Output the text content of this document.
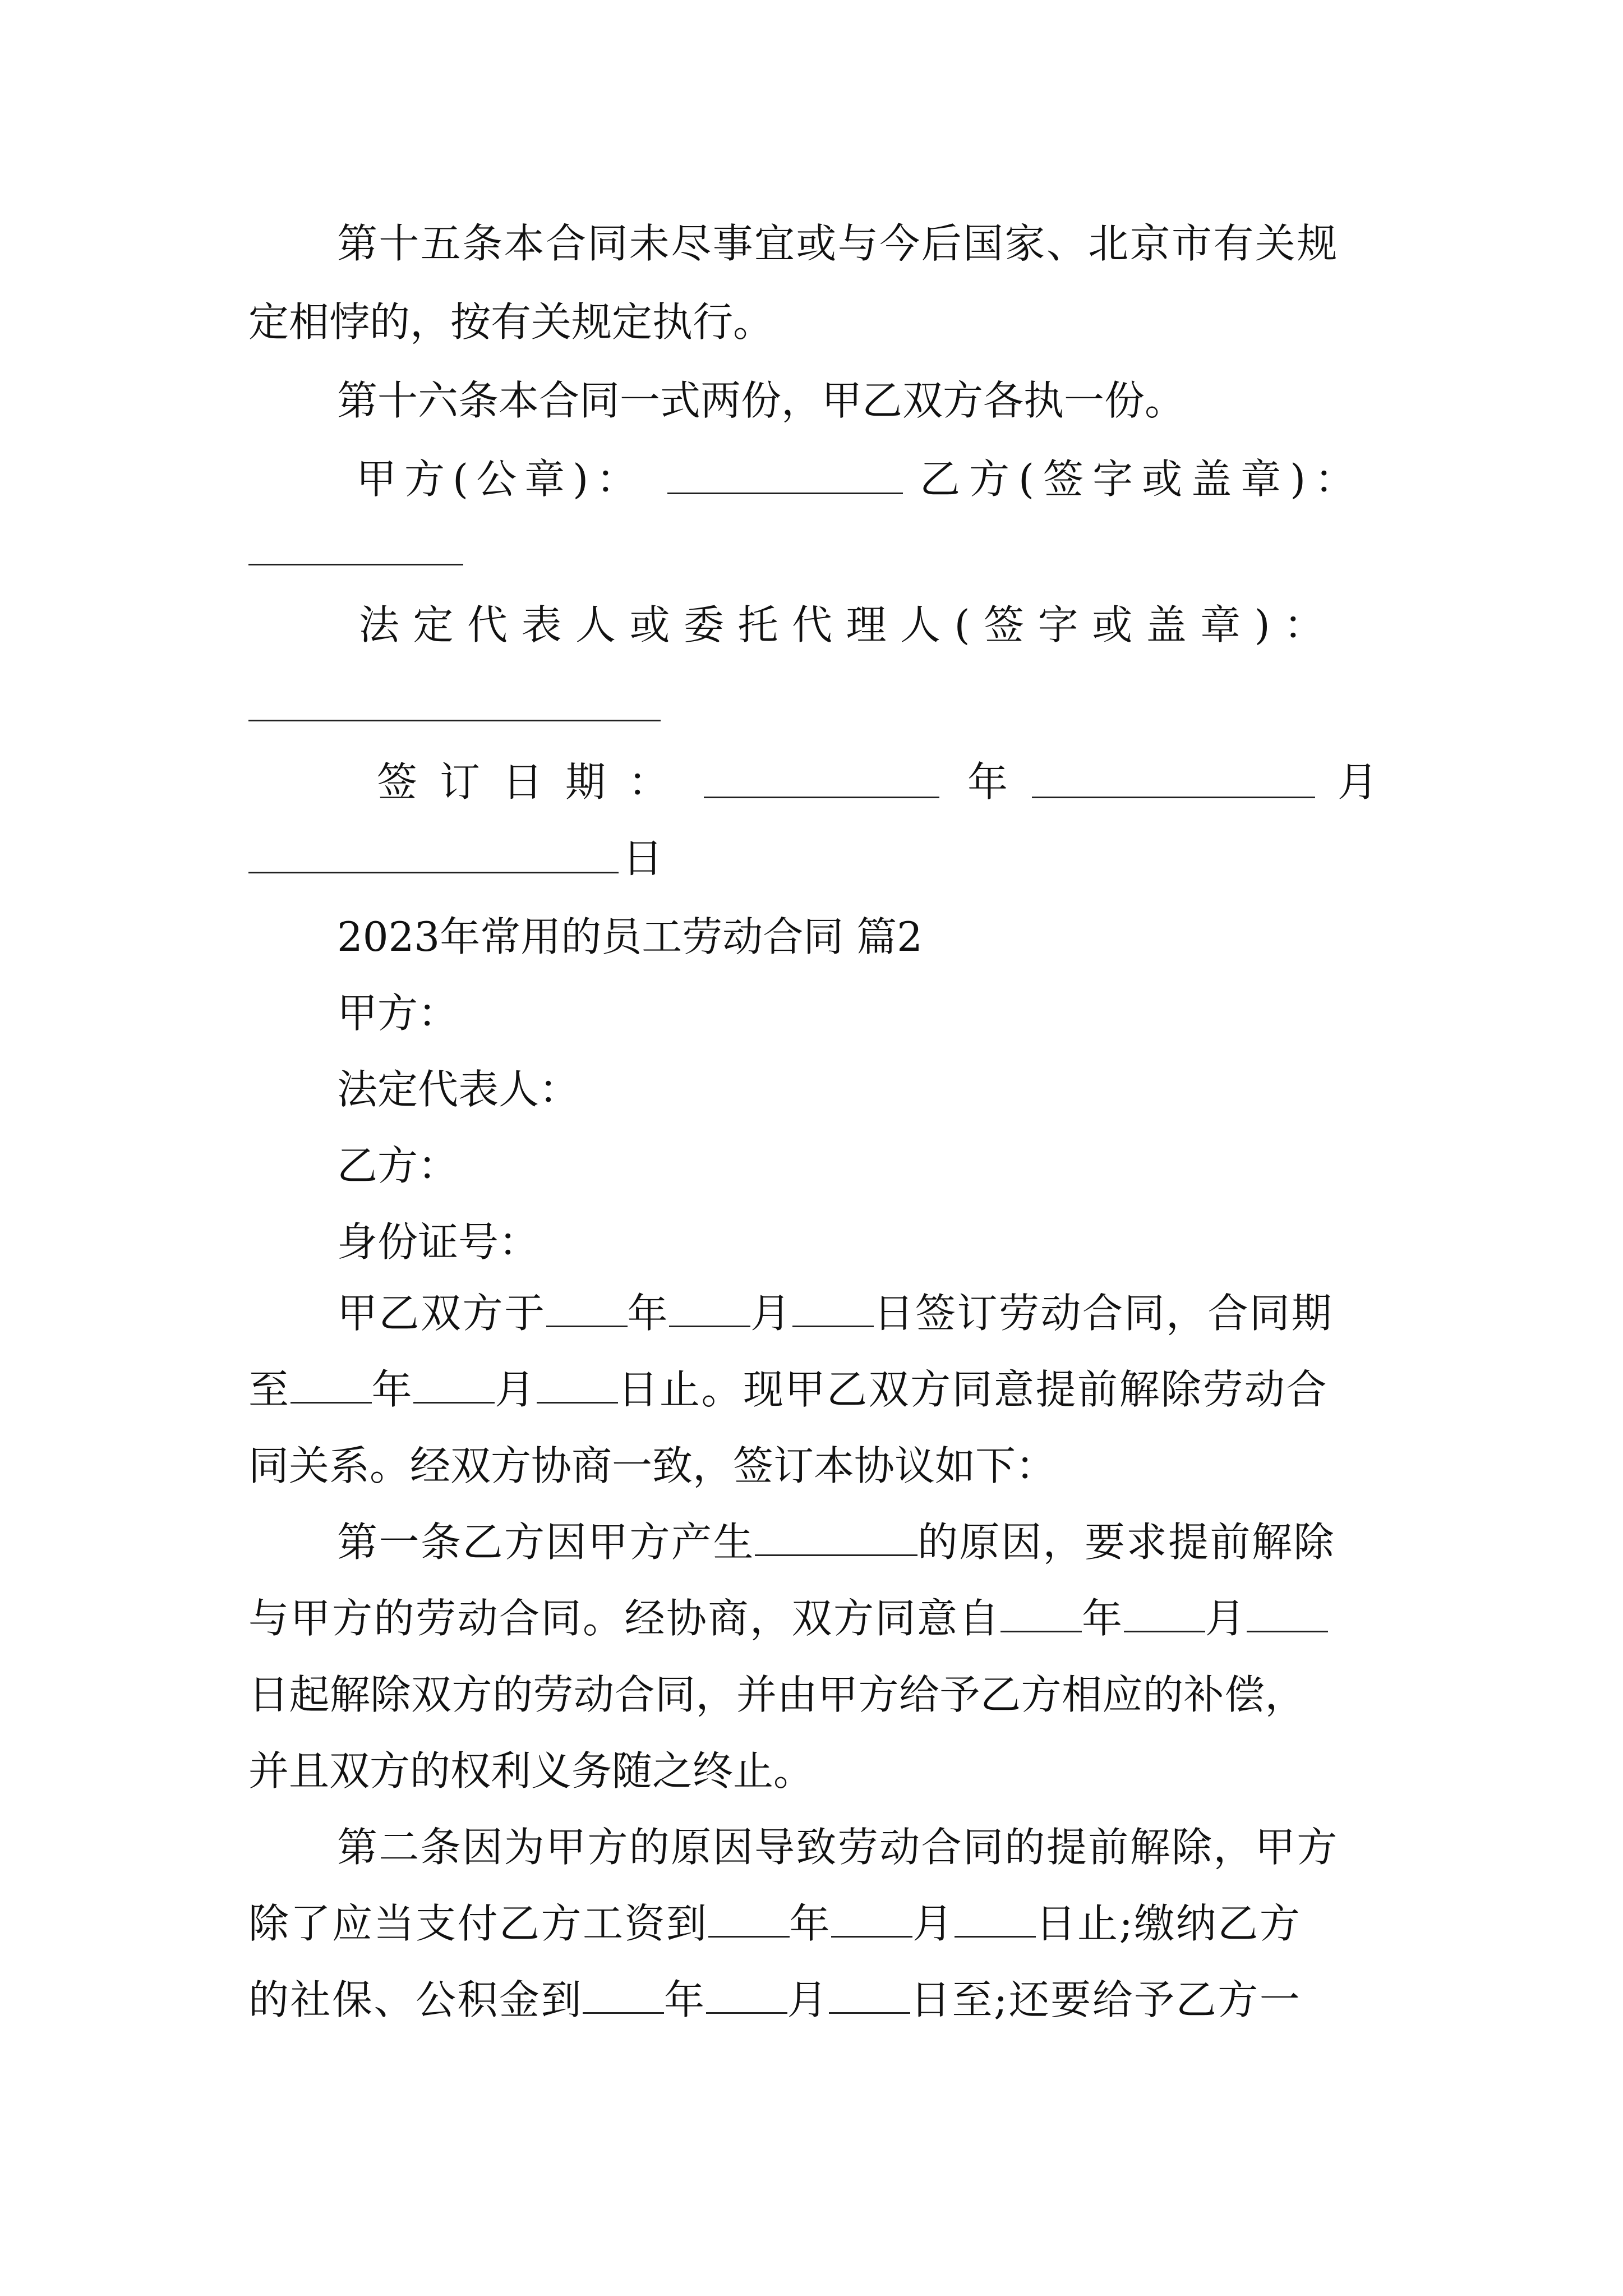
第十五条本合同未尽事宜或与今后国家、北京市有关规
定相悖的，按有关规定执行。
第十六条本合同一式两份，甲乙双方各执一份。
甲方(公章)：	乙方(签字或盖章)：
法定代表人或委托代理人(签字或盖章)：
签订日期：	年	月
日
2023年常用的员工劳动合同 篇2
甲方：
法定代表人：
乙方：
身份证号：
甲乙双方于 年 月 日签订劳动合同，合同期
至 年 月 日止。现甲乙双方同意提前解除劳动合
同关系。经双方协商一致，签订本协议如下：
第一条乙方因甲方产生	的原因，要求提前解除
与甲方的劳动合同。经协商，双方同意自 年 月
日起解除双方的劳动合同，并由甲方给予乙方相应的补偿，
并且双方的权利义务随之终止。
第二条因为甲方的原因导致劳动合同的提前解除，甲方
除了应当支付乙方工资到 年 月 日止;缴纳乙方
的社保、公积金到 年 月 日至;还要给予乙方一
